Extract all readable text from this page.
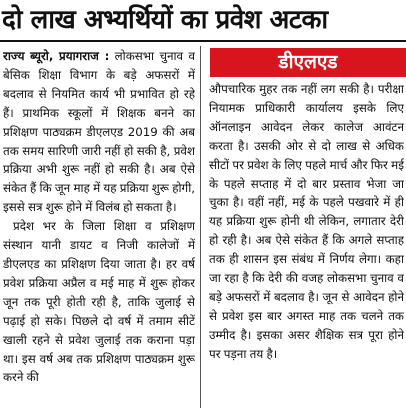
दो लाख अभ्यर्थियों का प्रवेश अटका

राज्य ब्यूरो, प्रयागराज : लोकसभा चुनाव व बेसिक शिक्षा विभाग के बड़े अफसरों में बदलाव से नियमित कार्य भी प्रभावित हो रहे हैं। प्राथमिक स्कूलों में शिक्षक बनने का प्रशिक्षण पाठ्यक्रम डीएलएड 2019 की अब तक समय सारिणी जारी नहीं हो सकी है, प्रवेश प्रक्रिया अभी शुरू नहीं हो सकी है। अब ऐसे संकेत हैं कि जून माह में यह प्रक्रिया शुरू होगी, इससे सत्र शुरू होने में विलंब हो सकता है।

प्रदेश भर के जिला शिक्षा व प्रशिक्षण संस्थान यानी डायट व निजी कालेजों में डीएलएड का प्रशिक्षण दिया जाता है। हर वर्ष प्रवेश प्रक्रिया अप्रैल व मई माह में शुरू होकर जून तक पूरी होती रही है, ताकि जुलाई से पढ़ाई हो सके। पिछले दो वर्ष में तमाम सीटें खाली रहने से प्रवेश जुलाई तक कराना पड़ा था। इस वर्ष अब तक प्रशिक्षण पाठ्यक्रम शुरू करने की

डीएलएड

औपचारिक मुहर तक नहीं लग सकी है। परीक्षा नियामक प्राधिकारी कार्यालय इसके लिए ऑनलाइन आवेदन लेकर कालेज आवंटन करता है। उसकी ओर से दो लाख से अधिक सीटों पर प्रवेश के लिए पहले मार्च और फिर मई के पहले सप्ताह में दो बार प्रस्ताव भेजा जा चुका है। वहीं नहीं, मई के पहले पखवारे में ही यह प्रक्रिया शुरू होनी थी लेकिन, लगातार देरी हो रही है। अब ऐसे संकेत हैं कि अगले सप्ताह तक ही शासन इस संबंध में निर्णय लेगा। कहा जा रहा है कि देरी की वजह लोकसभा चुनाव व बड़े अफसरों में बदलाव है। जून से आवेदन होने से प्रवेश इस बार अगस्त माह तक चलने तक उम्मीद है। इसका असर शैक्षिक सत्र पूरा होने पर पड़ना तय है।
